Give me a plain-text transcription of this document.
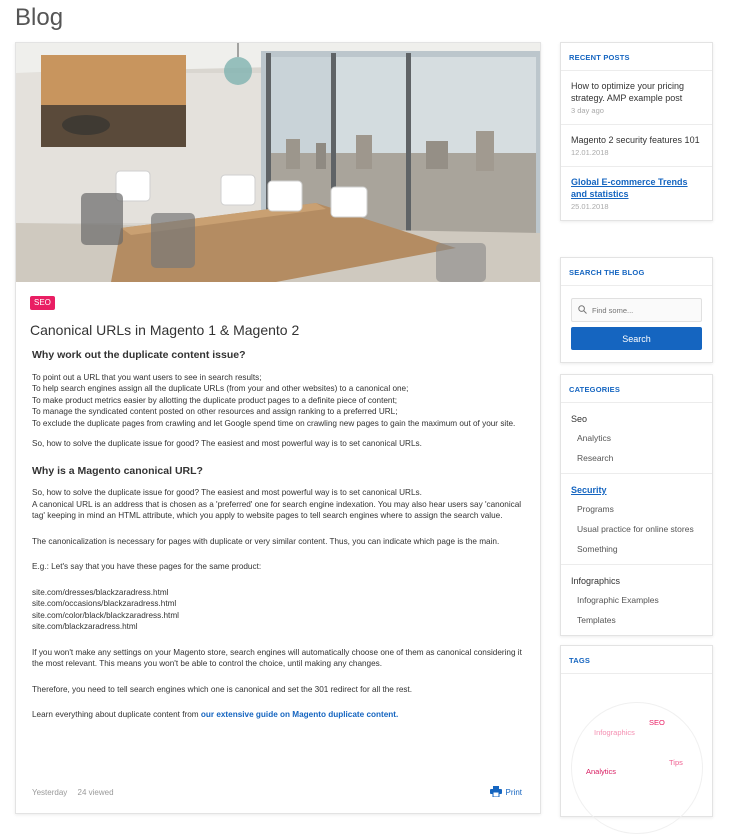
Blog
SEO
Canonical URLs in Magento 1 & Magento 2
Why work out the duplicate content issue?

To point out a URL that you want users to see in search results;
To help search engines assign all the duplicate URLs (from your and other websites) to a canonical one;
To make product metrics easier by allotting the duplicate product pages to a definite piece of content;
To manage the syndicated content posted on other resources and assign ranking to a preferred URL;
To exclude the duplicate pages from crawling and let Google spend time on crawling new pages to gain the maximum out of your site.

So, how to solve the duplicate issue for good? The easiest and most powerful way is to set canonical URLs.

Why is a Magento canonical URL?

So, how to solve the duplicate issue for good? The easiest and most powerful way is to set canonical URLs.
A canonical URL is an address that is chosen as a 'preferred' one for search engine indexation. You may also hear users say 'canonical tag' keeping in mind an HTML attribute, which you apply to website pages to tell search engines where to assign the search value.

The canonicalization is necessary for pages with duplicate or very similar content. Thus, you can indicate which page is the main.

E.g.: Let's say that you have these pages for the same product:

site.com/dresses/blackzaradress.html
site.com/occasions/blackzaradress.html
site.com/color/black/blackzaradress.html
site.com/blackzaradress.html

If you won't make any settings on your Magento store, search engines will automatically choose one of them as canonical considering it the most relevant. This means you won't be able to control the choice, until making any changes.

Therefore, you need to tell search engines which one is canonical and set the 301 redirect for all the rest.

Learn everything about duplicate content from our extensive guide on Magento duplicate content.

Yesterday 24 viewed	Print
RECENT POSTS
How to optimize your pricing strategy. AMP example post
3 day ago
Magento 2 security features 101
12.01.2018
Global E-commerce Trends and statistics
25.01.2018
SEARCH THE BLOG
Find some...
Search
CATEGORIES
Seo
Analytics
Research
Security
Programs
Usual practice for online stores
Something
Infographics
Infographic Examples
Templates
TAGS
SEO
Infographics
Tips
Analytics
